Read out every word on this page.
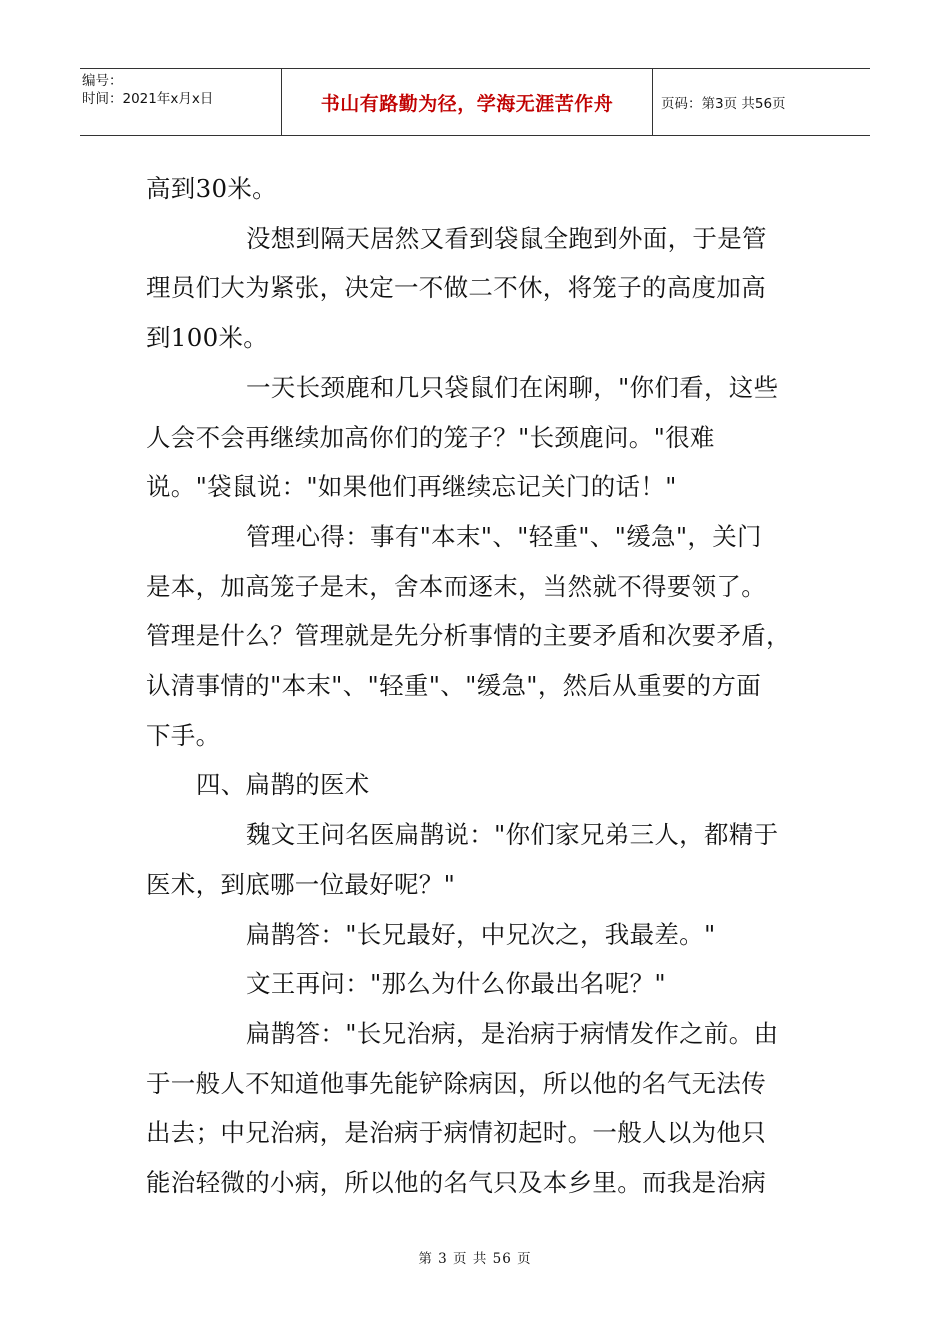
编号：
时间：2021年x月x日	书山有路勤为径，学海无涯苦作舟	页码：第3页 共56页

高到30米。

没想到隔天居然又看到袋鼠全跑到外面，于是管

理员们大为紧张，决定一不做二不休，将笼子的高度加高

到100米。

一天长颈鹿和几只袋鼠们在闲聊，"你们看，这些

人会不会再继续加高你们的笼子？"长颈鹿问。"很难

说。"袋鼠说："如果他们再继续忘记关门的话！"

管理心得：事有"本末"、"轻重"、"缓急"，关门

是本，加高笼子是末，舍本而逐末，当然就不得要领了。

管理是什么？管理就是先分析事情的主要矛盾和次要矛盾，

认清事情的"本末"、"轻重"、"缓急"，然后从重要的方面

下手。

四、扁鹊的医术

魏文王问名医扁鹊说："你们家兄弟三人，都精于

医术，到底哪一位最好呢？"

扁鹊答："长兄最好，中兄次之，我最差。"

文王再问："那么为什么你最出名呢？"

扁鹊答："长兄治病，是治病于病情发作之前。由

于一般人不知道他事先能铲除病因，所以他的名气无法传

出去；中兄治病，是治病于病情初起时。一般人以为他只

能治轻微的小病，所以他的名气只及本乡里。而我是治病

第 3 页 共 56 页
